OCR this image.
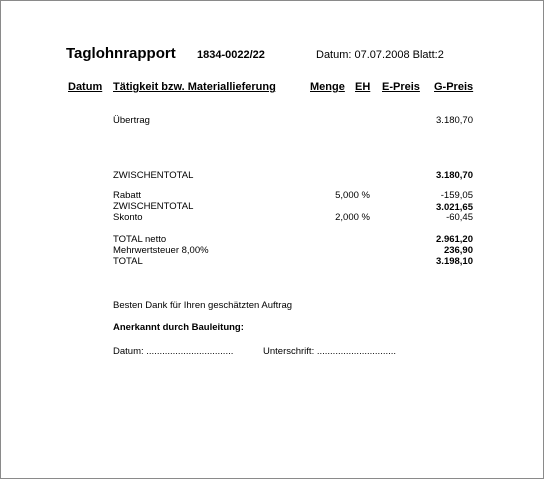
Taglohnrapport 1834-0022/22	Datum: 07.07.2008 Blatt:2
Datum Tätigkeit bzw. Materiallieferung	Menge EH E-Preis G-Preis
Übertrag	3.180,70
ZWISCHENTOTAL	3.180,70
Rabatt	5,000 %	-159,05
ZWISCHENTOTAL	3.021,65
Skonto	2,000 %	-60,45
TOTAL netto	2.961,20
Mehrwertsteuer 8,00%	236,90
TOTAL	3.198,10
Besten Dank für Ihren geschätzten Auftrag
Anerkannt durch Bauleitung:
Datum: .................................	Unterschrift: ..............................
